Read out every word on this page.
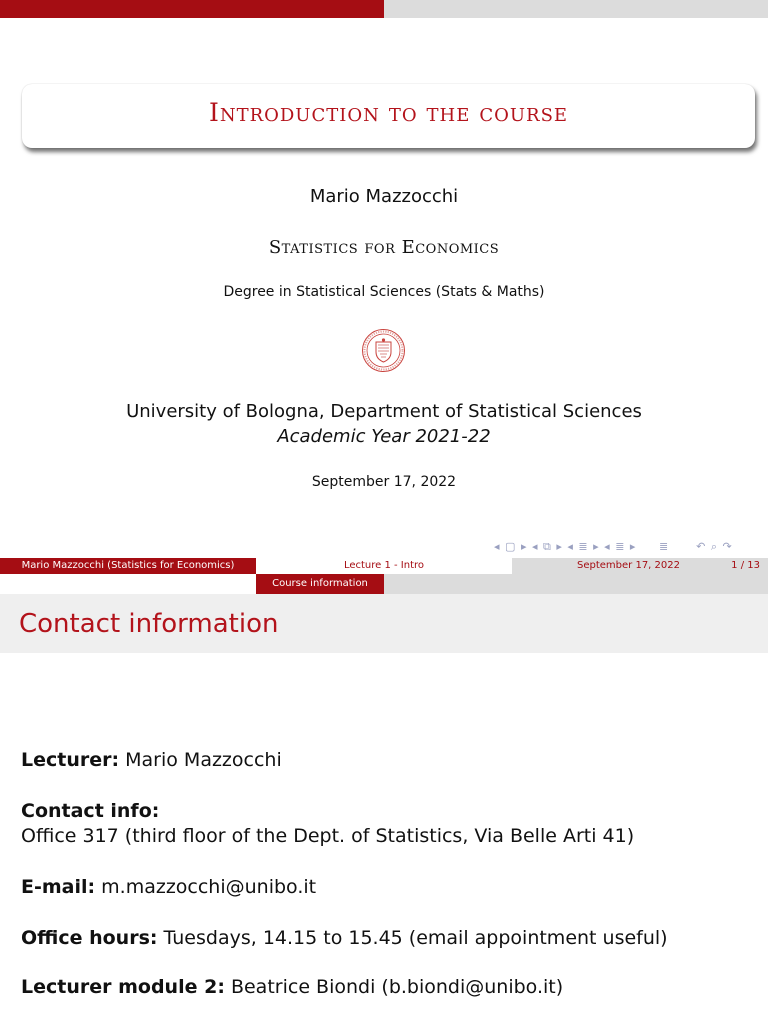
Introduction to the course
Mario Mazzocchi
Statistics for Economics
Degree in Statistical Sciences (Stats & Maths)
University of Bologna, Department of Statistical Sciences
Academic Year 2021-22
September 17, 2022
◂ ▢ ▸ ◂ ⧉ ▸ ◂ ≣ ▸ ◂ ≣ ▸ ≣ ↶ ⌕ ↷
Mario Mazzocchi (Statistics for Economics)	Lecture 1 - Intro	September 17, 2022	1 / 13
Course information
Contact information
Lecturer: Mario Mazzocchi
Contact info:
Office 317 (third floor of the Dept. of Statistics, Via Belle Arti 41)
E-mail: m.mazzocchi@unibo.it
Office hours: Tuesdays, 14.15 to 15.45 (email appointment useful)
Lecturer module 2: Beatrice Biondi (b.biondi@unibo.it)
